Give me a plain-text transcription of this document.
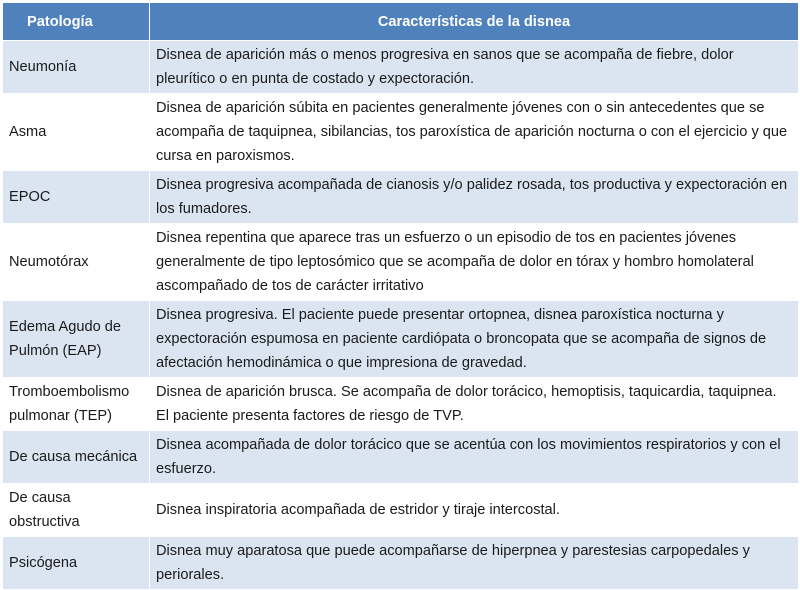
Patología	Características de la disnea
Neumonía	Disnea de aparición más o menos progresiva en sanos que se acompaña de fiebre, dolor pleurítico o en punta de costado y expectoración.
Asma	Disnea de aparición súbita en pacientes generalmente jóvenes con o sin antecedentes que se acompaña de taquipnea, sibilancias, tos paroxística de aparición nocturna o con el ejercicio y que cursa en paroxismos.
EPOC	Disnea progresiva acompañada de cianosis y/o palidez rosada, tos productiva y expectoración en los fumadores.
Neumotórax	Disnea repentina que aparece tras un esfuerzo o un episodio de tos en pacientes jóvenes generalmente de tipo leptosómico que se acompaña de dolor en tórax y hombro homolateral ascompañado de tos de carácter irritativo
Edema Agudo de Pulmón (EAP)	Disnea progresiva. El paciente puede presentar ortopnea, disnea paroxística nocturna y expectoración espumosa en paciente cardiópata o broncopata que se acompaña de signos de afectación hemodinámica o que impresiona de gravedad.
Tromboembolismo pulmonar (TEP)	Disnea de aparición brusca. Se acompaña de dolor torácico, hemoptisis, taquicardia, taquipnea. El paciente presenta factores de riesgo de TVP.
De causa mecánica	Disnea acompañada de dolor torácico que se acentúa con los movimientos respiratorios y con el esfuerzo.
De causa obstructiva	Disnea inspiratoria acompañada de estridor y tiraje intercostal.
Psicógena	Disnea muy aparatosa que puede acompañarse de hiperpnea y parestesias carpopedales y periorales.
